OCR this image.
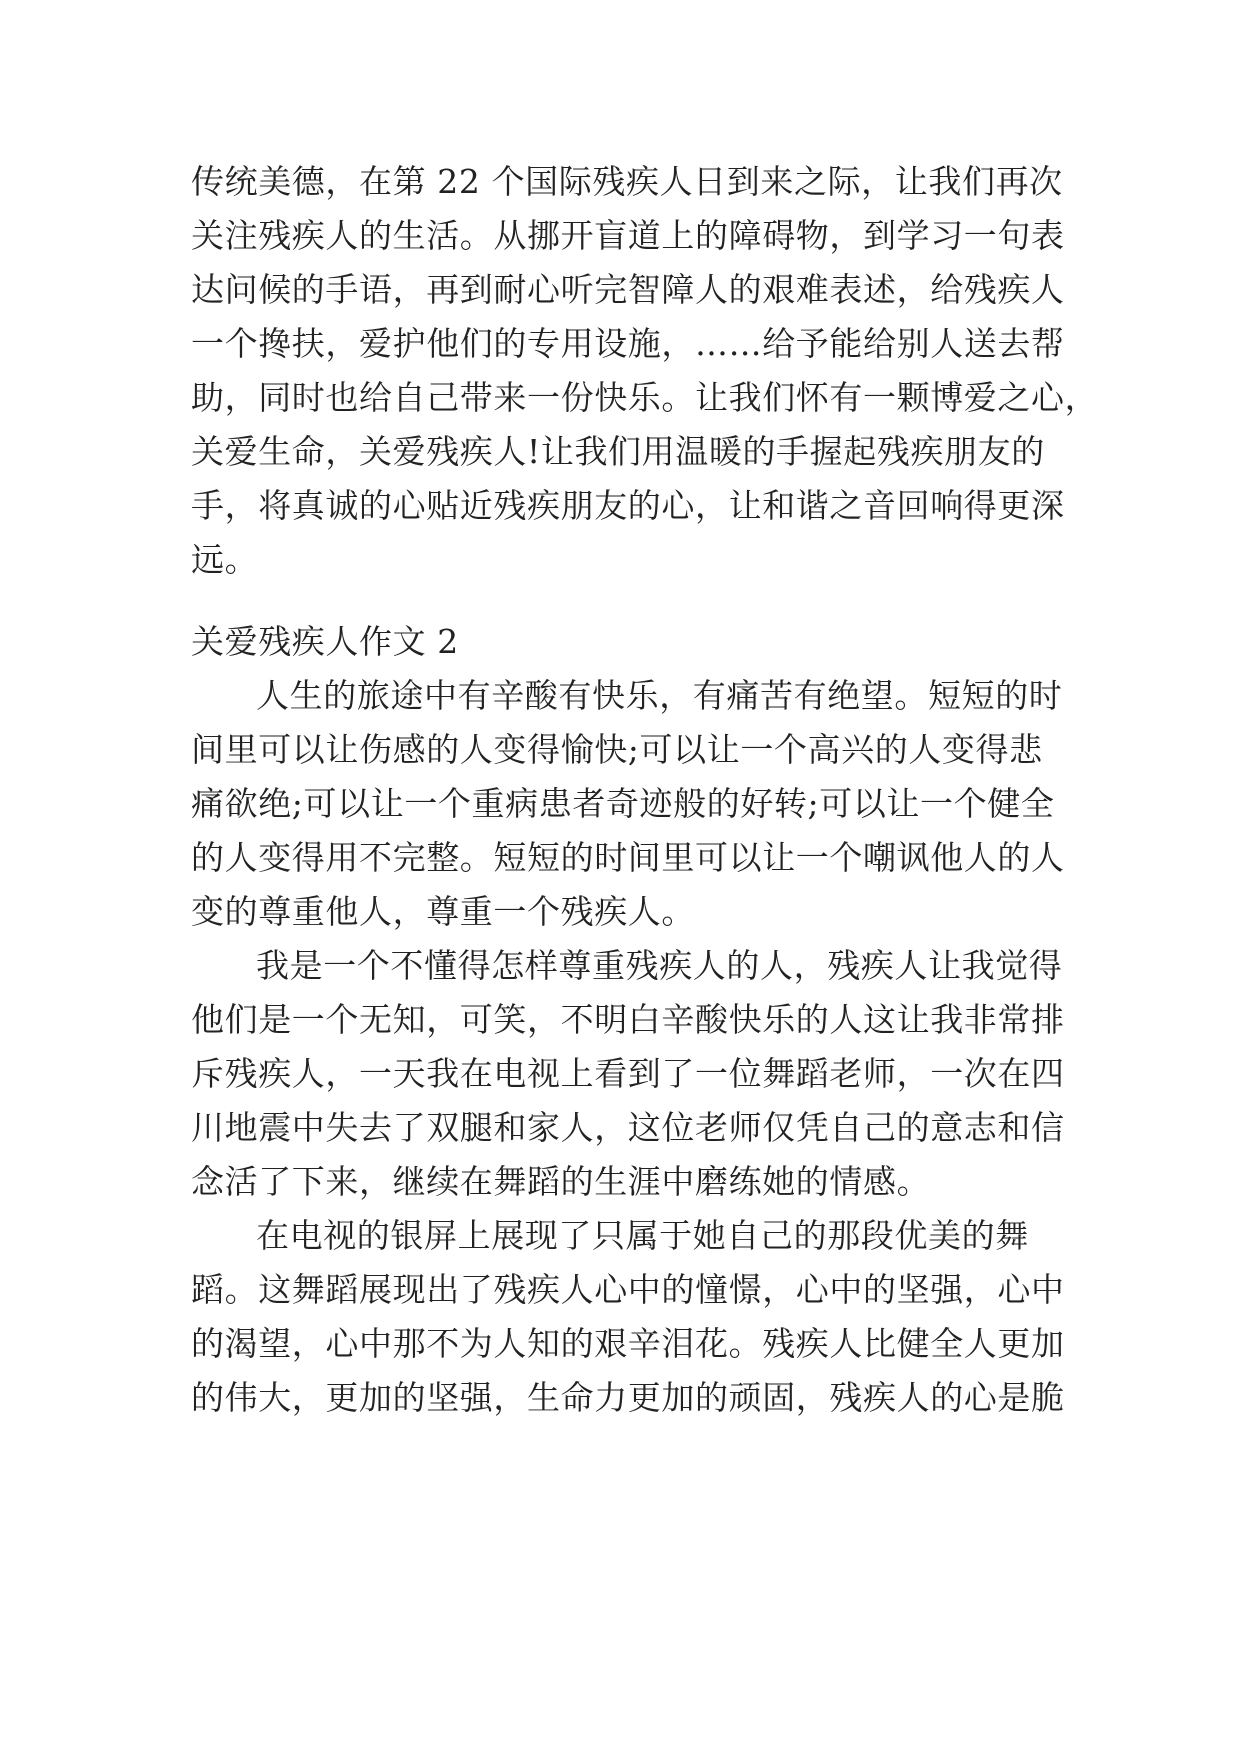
传统美德，在第 22 个国际残疾人日到来之际，让我们再次
关注残疾人的生活。从挪开盲道上的障碍物，到学习一句表
达问候的手语，再到耐心听完智障人的艰难表述，给残疾人
一个搀扶，爱护他们的专用设施，……给予能给别人送去帮
助，同时也给自己带来一份快乐。让我们怀有一颗博爱之心，
关爱生命，关爱残疾人!让我们用温暖的手握起残疾朋友的
手，将真诚的心贴近残疾朋友的心，让和谐之音回响得更深
远。
关爱残疾人作文 2
人生的旅途中有辛酸有快乐，有痛苦有绝望。短短的时
间里可以让伤感的人变得愉快;可以让一个高兴的人变得悲
痛欲绝;可以让一个重病患者奇迹般的好转;可以让一个健全
的人变得用不完整。短短的时间里可以让一个嘲讽他人的人
变的尊重他人，尊重一个残疾人。
我是一个不懂得怎样尊重残疾人的人，残疾人让我觉得
他们是一个无知，可笑，不明白辛酸快乐的人这让我非常排
斥残疾人，一天我在电视上看到了一位舞蹈老师，一次在四
川地震中失去了双腿和家人，这位老师仅凭自己的意志和信
念活了下来，继续在舞蹈的生涯中磨练她的情感。
在电视的银屏上展现了只属于她自己的那段优美的舞
蹈。这舞蹈展现出了残疾人心中的憧憬，心中的坚强，心中
的渴望，心中那不为人知的艰辛泪花。残疾人比健全人更加
的伟大，更加的坚强，生命力更加的顽固，残疾人的心是脆
